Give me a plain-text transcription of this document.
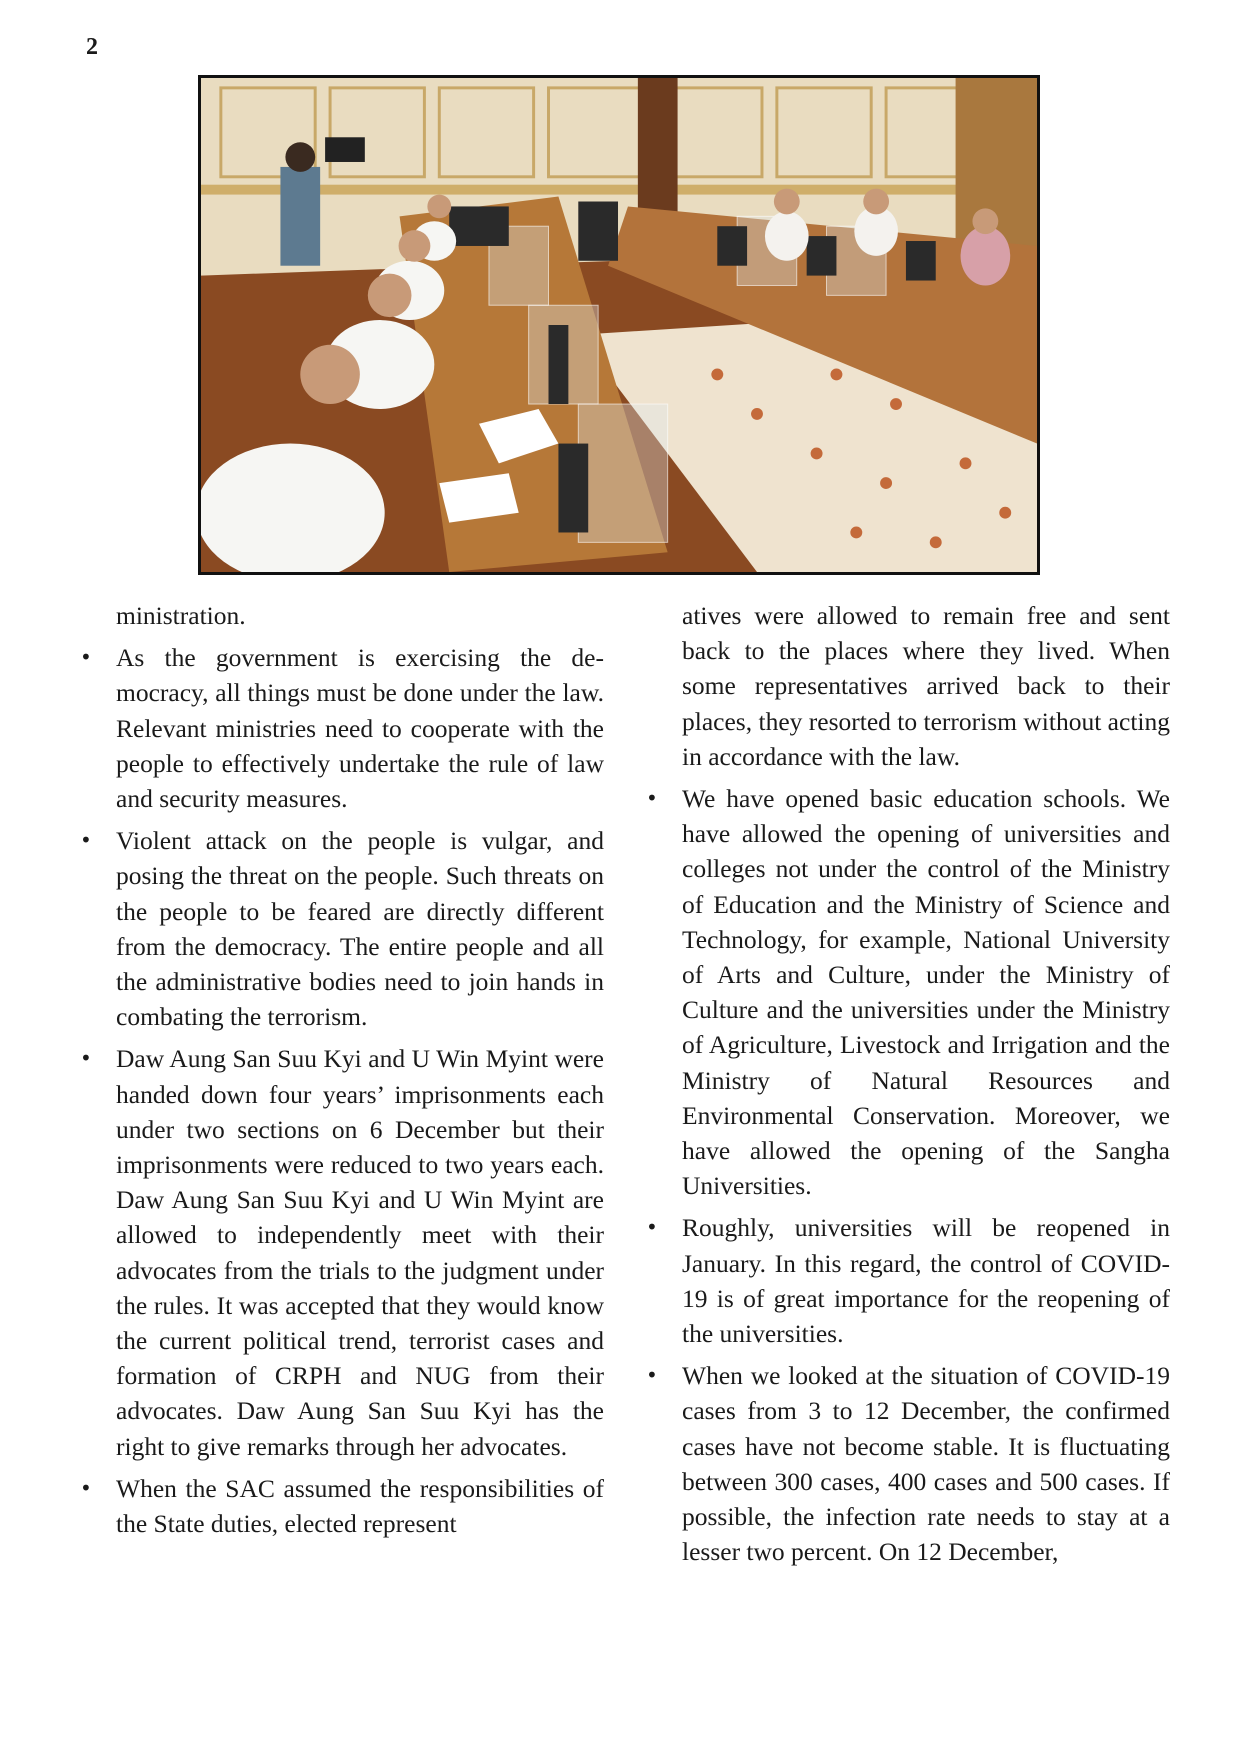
2

ministration.

• As the government is exercising the democracy, all things must be done under the law. Relevant ministries need to cooperate with the people to effectively undertake the rule of law and security measures.
• Violent attack on the people is vulgar, and posing the threat on the people. Such threats on the people to be feared are directly different from the democracy. The entire people and all the administrative bodies need to join hands in combating the terrorism.
• Daw Aung San Suu Kyi and U Win Myint were handed down four years’ imprisonments each under two sections on 6 December but their imprisonments were reduced to two years each. Daw Aung San Suu Kyi and U Win Myint are allowed to independently meet with their advocates from the trials to the judgment under the rules. It was accepted that they would know the current political trend, terrorist cases and formation of CRPH and NUG from their advocates. Daw Aung San Suu Kyi has the right to give remarks through her advocates.
• When the SAC assumed the responsibilities of the State duties, elected represent

atives were allowed to remain free and sent back to the places where they lived. When some representatives arrived back to their places, they resorted to terrorism without acting in accordance with the law.

• We have opened basic education schools. We have allowed the opening of universities and colleges not under the control of the Ministry of Education and the Ministry of Science and Technology, for example, National University of Arts and Culture, under the Ministry of Culture and the universities under the Ministry of Agriculture, Livestock and Irrigation and the Ministry of Natural Resources and Environmental Conservation. Moreover, we have allowed the opening of the Sangha Universities.
• Roughly, universities will be reopened in January. In this regard, the control of COVID-19 is of great importance for the reopening of the universities.
• When we looked at the situation of COVID-19 cases from 3 to 12 December, the confirmed cases have not become stable. It is fluctuating between 300 cases, 400 cases and 500 cases. If possible, the infection rate needs to stay at a lesser two percent. On 12 December,
